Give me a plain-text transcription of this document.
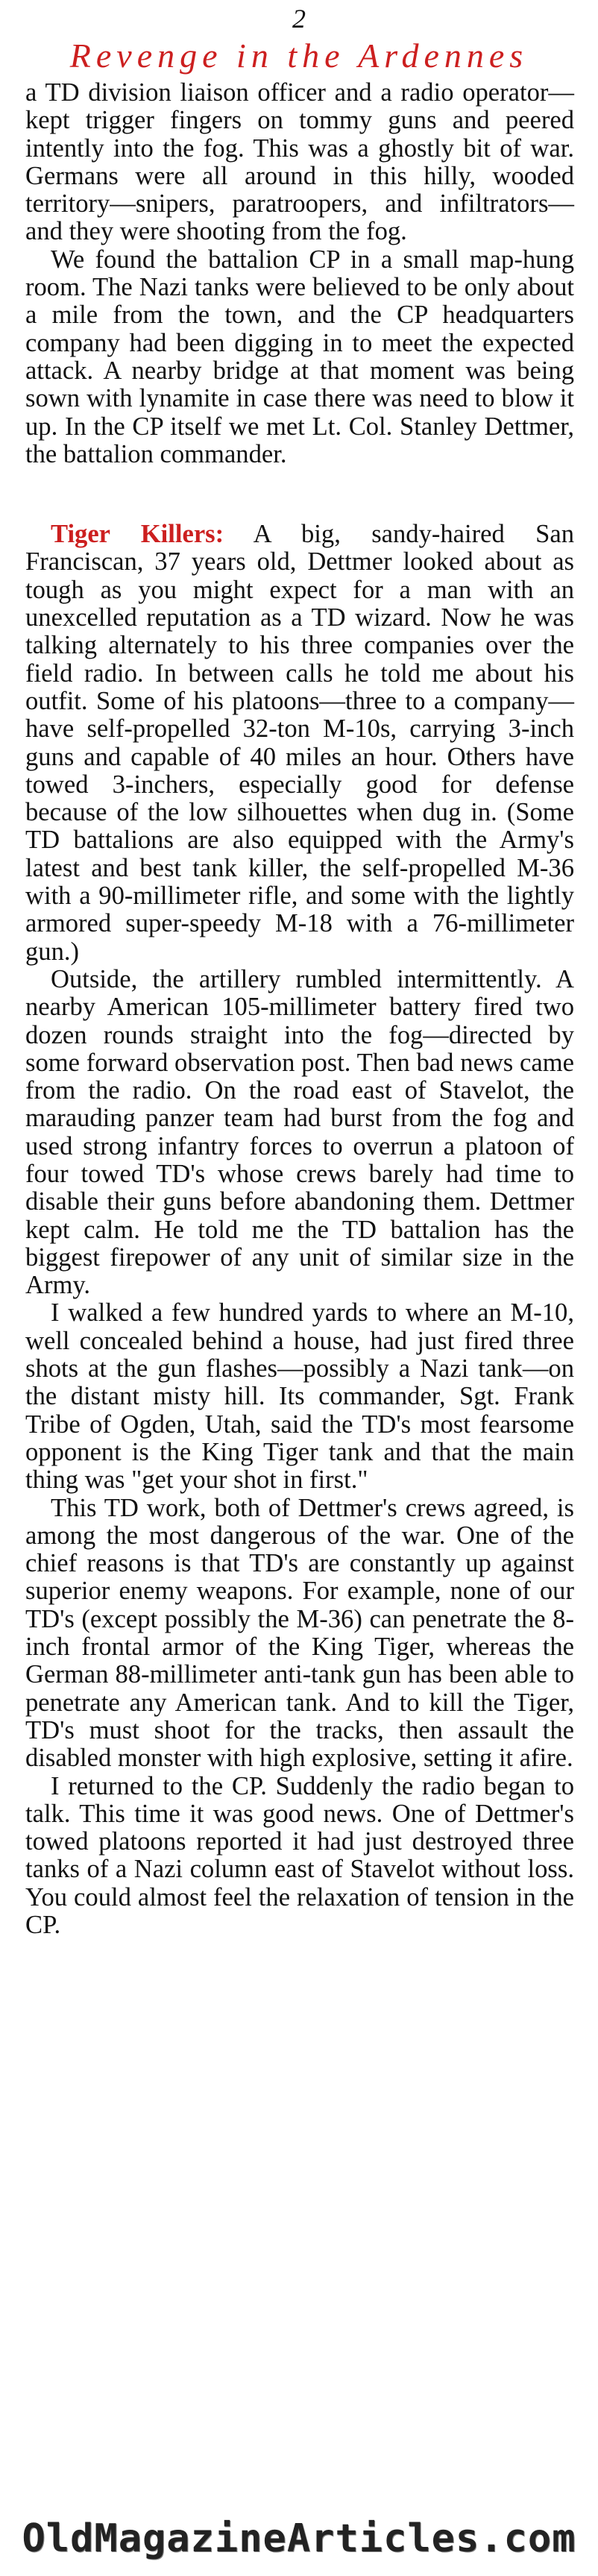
2
Revenge in the Ardennes

a TD division liaison officer and a radio operator—kept trigger fingers on tommy guns and peered intently into the fog. This was a ghostly bit of war. Germans were all around in this hilly, wooded territory—snipers, paratroopers, and infiltrators—and they were shooting from the fog.

We found the battalion CP in a small map-hung room. The Nazi tanks were believed to be only about a mile from the town, and the CP headquarters company had been digging in to meet the expected attack. A nearby bridge at that moment was being sown with lynamite in case there was need to blow it up. In the CP itself we met Lt. Col. Stanley Dettmer, the battalion commander.

Tiger Killers: A big, sandy-haired San Franciscan, 37 years old, Dettmer looked about as tough as you might expect for a man with an unexcelled reputation as a TD wizard. Now he was talking alternately to his three companies over the field radio. In between calls he told me about his outfit. Some of his platoons—three to a company—have self-propelled 32-ton M-10s, carrying 3-inch guns and capable of 40 miles an hour. Others have towed 3-inchers, especially good for defense because of the low silhouettes when dug in. (Some TD battalions are also equipped with the Army's latest and best tank killer, the self-propelled M-36 with a 90-millimeter rifle, and some with the lightly armored super-speedy M-18 with a 76-millimeter gun.)

Outside, the artillery rumbled intermittently. A nearby American 105-millimeter battery fired two dozen rounds straight into the fog—directed by some forward observation post. Then bad news came from the radio. On the road east of Stavelot, the marauding panzer team had burst from the fog and used strong infantry forces to overrun a platoon of four towed TD's whose crews barely had time to disable their guns before abandoning them. Dettmer kept calm. He told me the TD battalion has the biggest firepower of any unit of similar size in the Army.

I walked a few hundred yards to where an M-10, well concealed behind a house, had just fired three shots at the gun flashes—possibly a Nazi tank—on the distant misty hill. Its commander, Sgt. Frank Tribe of Ogden, Utah, said the TD's most fearsome opponent is the King Tiger tank and that the main thing was "get your shot in first."

This TD work, both of Dettmer's crews agreed, is among the most dangerous of the war. One of the chief reasons is that TD's are constantly up against superior enemy weapons. For example, none of our TD's (except possibly the M-36) can penetrate the 8-inch frontal armor of the King Tiger, whereas the German 88-millimeter anti-tank gun has been able to penetrate any American tank. And to kill the Tiger, TD's must shoot for the tracks, then assault the disabled monster with high explosive, setting it afire.

I returned to the CP. Suddenly the radio began to talk. This time it was good news. One of Dettmer's towed platoons reported it had just destroyed three tanks of a Nazi column east of Stavelot without loss. You could almost feel the relaxation of tension in the CP.

OldMagazineArticles.com
